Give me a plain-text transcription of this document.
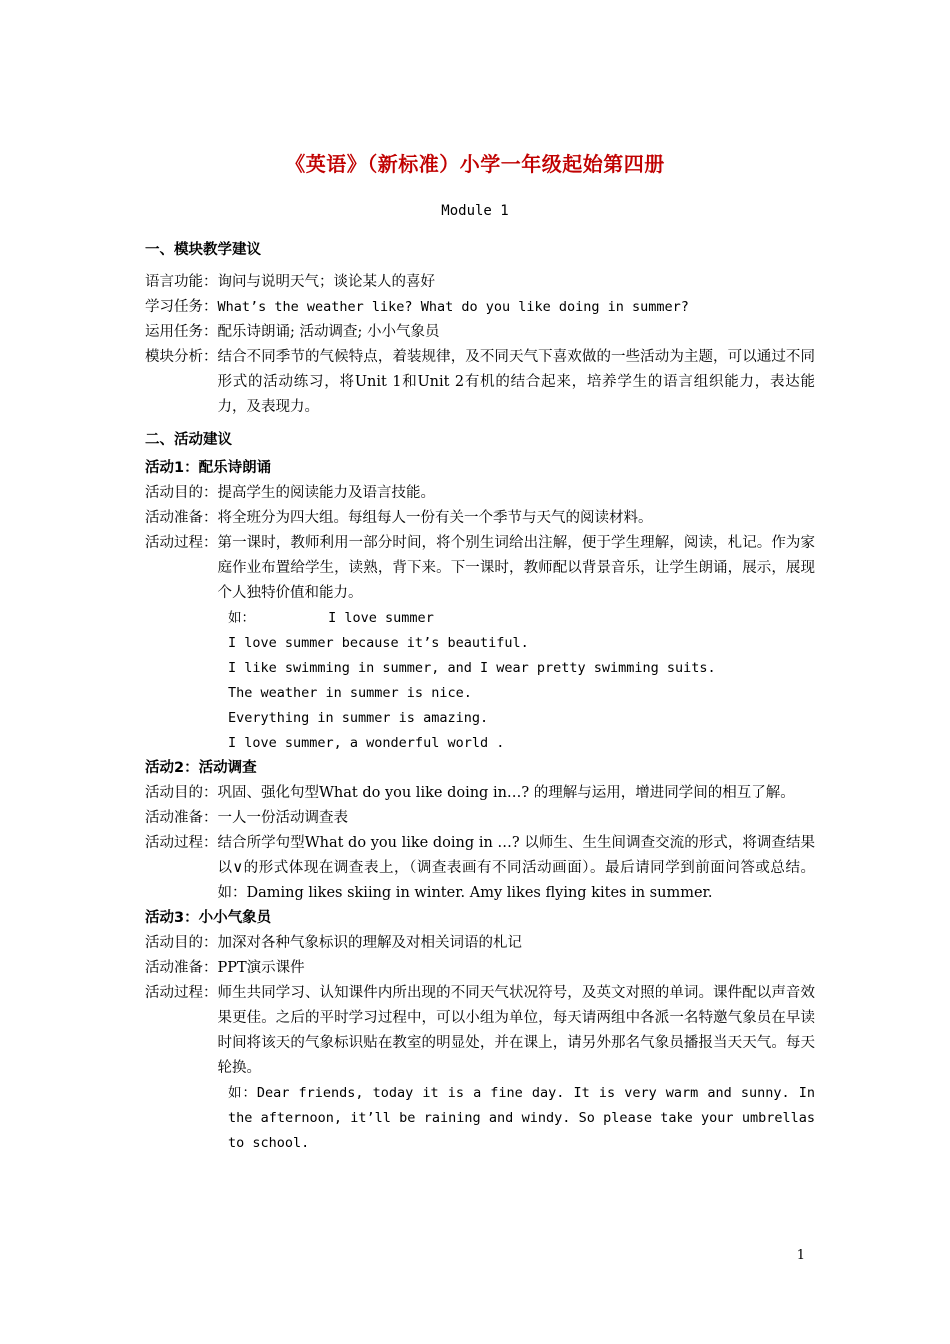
《英语》（新标准）小学一年级起始第四册
Module 1
一、模块教学建议
语言功能： 询问与说明天气；谈论某人的喜好
学习任务： What’s the weather like? What do you like doing in summer?
运用任务： 配乐诗朗诵; 活动调查; 小小气象员
模块分析： 结合不同季节的气候特点，着装规律，及不同天气下喜欢做的一些活动为主题，可以通过不同形式的活动练习，将Unit 1和Unit 2有机的结合起来，培养学生的语言组织能力，表达能力，及表现力。
二、活动建议
活动1：配乐诗朗诵
活动目的： 提高学生的阅读能力及语言技能。
活动准备： 将全班分为四大组。每组每人一份有关一个季节与天气的阅读材料。
活动过程： 第一课时，教师利用一部分时间，将个别生词给出注解，便于学生理解，阅读，札记。作为家庭作业布置给学生，读熟，背下来。下一课时，教师配以背景音乐，让学生朗诵，展示，展现个人独特价值和能力。
如：	I love summer
I love summer because it’s beautiful.
I like swimming in summer, and I wear pretty swimming suits.
The weather in summer is nice.
Everything in summer is amazing.
I love summer, a wonderful world .
活动2：活动调查
活动目的： 巩固、强化句型What do you like doing in…? 的理解与运用，增进同学间的相互了解。
活动准备： 一人一份活动调查表
活动过程： 结合所学句型What do you like doing in …? 以师生、生生间调查交流的形式，将调查结果以∨的形式体现在调查表上，（调查表画有不同活动画面）。最后请同学到前面问答或总结。如：Daming likes skiing in winter. Amy likes flying kites in summer.
活动3：小小气象员
活动目的： 加深对各种气象标识的理解及对相关词语的札记
活动准备： PPT演示课件
活动过程： 师生共同学习、认知课件内所出现的不同天气状况符号，及英文对照的单词。课件配以声音效果更佳。之后的平时学习过程中，可以小组为单位，每天请两组中各派一名特邀气象员在早读时间将该天的气象标识贴在教室的明显处，并在课上，请另外那名气象员播报当天天气。每天轮换。
如：Dear friends, today it is a fine day. It is very warm and sunny. In the afternoon, it’ll be raining and windy. So please take your umbrellas to school.
1
